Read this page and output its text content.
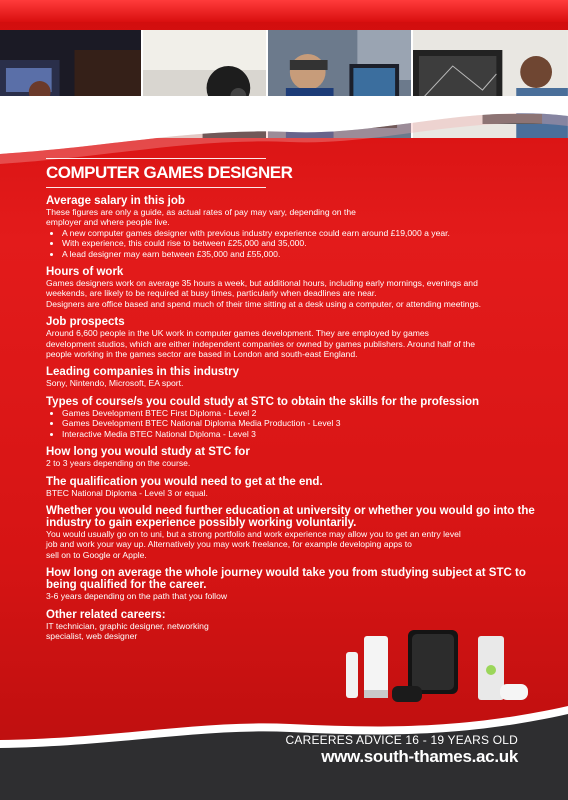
COMPUTER GAMES DESIGNER
Average salary in this job

These figures are only a guide, as actual rates of pay may vary, depending on the

employer and where people live.

• A new computer games designer with previous industry experience could earn around £19,000 a year.
• With experience, this could rise to between £25,000 and 35,000.
• A lead designer may earn between £35,000 and £55,000.
Hours of work

Games designers work on average 35 hours a week, but additional hours, including early mornings, evenings and

weekends, are likely to be required at busy times, particularly when deadlines are near.

Designers are office based and spend much of their time sitting at a desk using a computer, or attending meetings.

Job prospects

Around 6,600 people in the UK work in computer games development. They are employed by games

development studios, which are either independent companies or owned by games publishers. Around half of the

people working in the games sector are based in London and south-east England.

Leading companies in this industry

Sony, Nintendo, Microsoft, EA sport.

Types of course/s you could study at STC to obtain the skills for the profession
• Games Development BTEC First Diploma - Level 2
• Games Development BTEC National Diploma Media Production - Level 3
• Interactive Media BTEC National Diploma - Level 3
How long you would study at STC for

2 to 3 years depending on the course.

The qualification you would need to get at the end.

BTEC National Diploma - Level 3 or equal.

Whether you would need further education at university or whether you would go into the industry to gain experience possibly working voluntarily.

You would usually go on to uni, but a strong portfolio and work experience may allow you to get an entry level

job and work your way up. Alternatively you may work freelance, for example developing apps to

sell on to Google or Apple.

How long on average the whole journey would take you from studying subject at STC to being qualified for the career.

3-6 years depending on the path that you follow

Other related careers:

IT technician, graphic designer, networking

specialist, web designer

CAREERES ADVICE 16 - 19 YEARS OLD
www.south-thames.ac.uk
